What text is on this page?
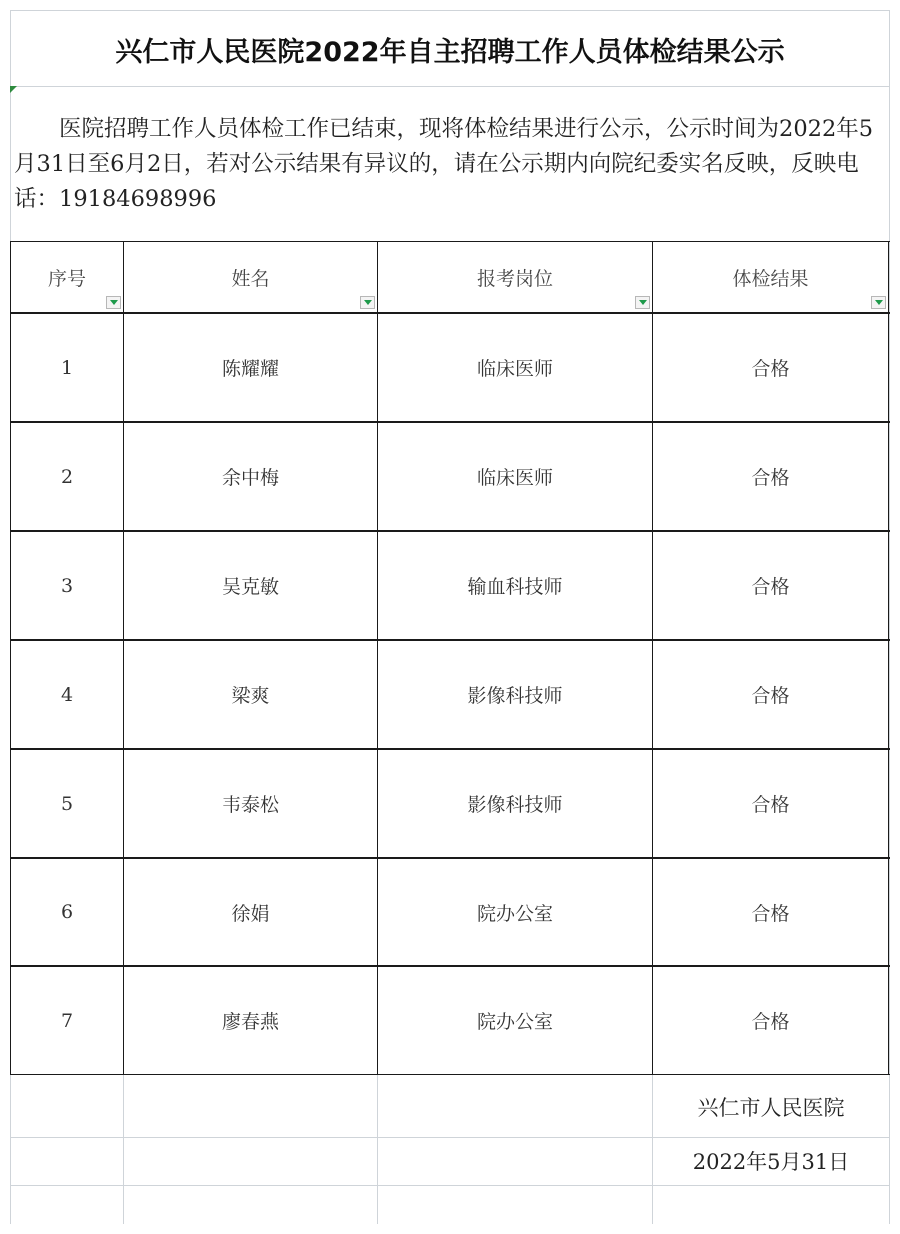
兴仁市人民医院2022年自主招聘工作人员体检结果公示
医院招聘工作人员体检工作已结束，现将体检结果进行公示，公示时间为2022年5月31日至6月2日，若对公示结果有异议的，请在公示期内向院纪委实名反映，反映电话：19184698996
序号	姓名	报考岗位	体检结果
1	陈耀耀	临床医师	合格
2	余中梅	临床医师	合格
3	吴克敏	输血科技师	合格
4	梁爽	影像科技师	合格
5	韦泰松	影像科技师	合格
6	徐娟	院办公室	合格
7	廖春燕	院办公室	合格
兴仁市人民医院
2022年5月31日
